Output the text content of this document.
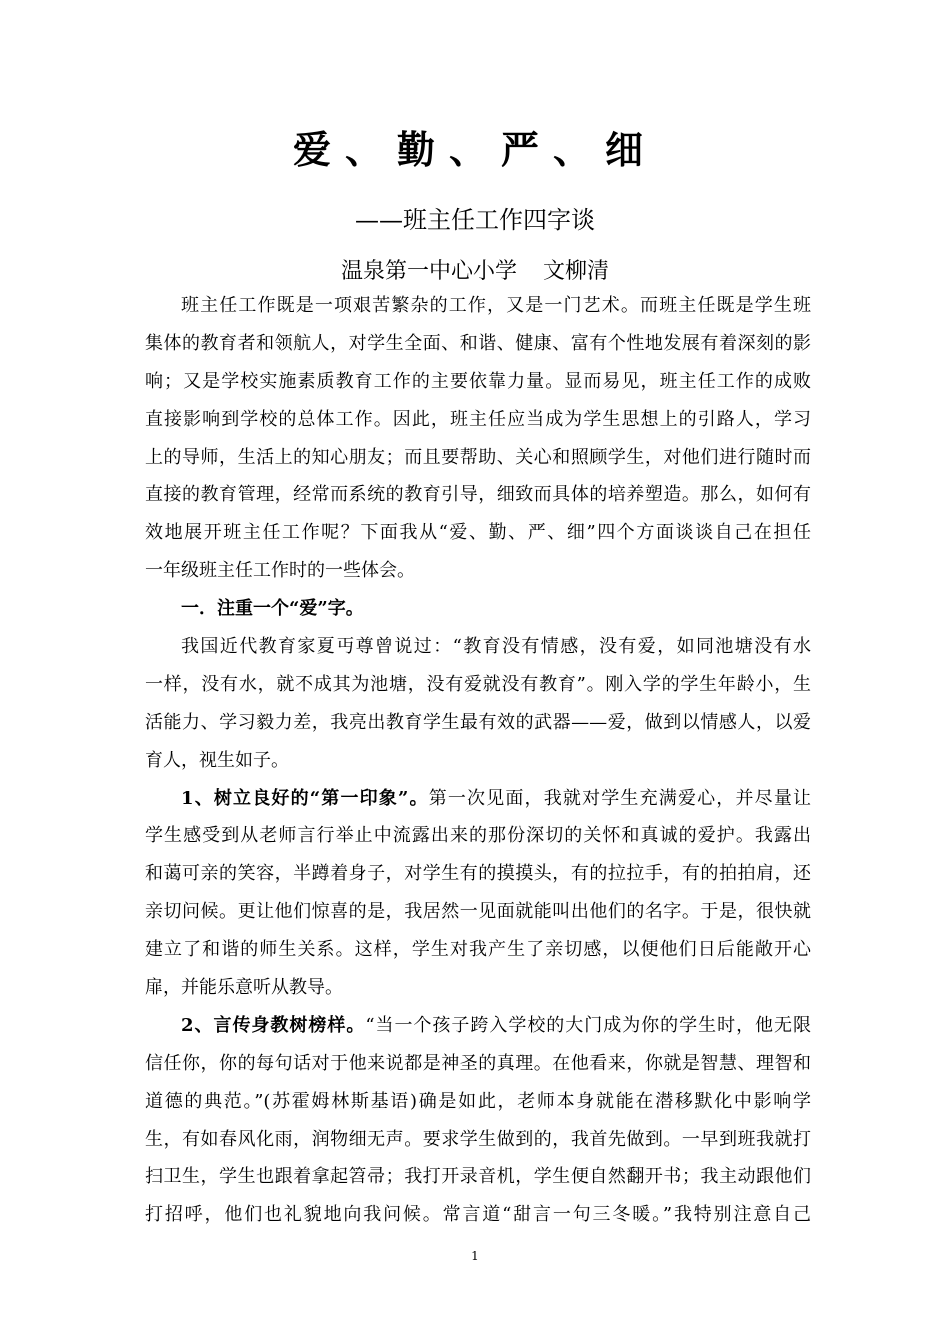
爱、勤、严、细
——班主任工作四字谈
温泉第一中心小学 文柳清
班主任工作既是一项艰苦繁杂的工作，又是一门艺术。而班主任既是学生班
集体的教育者和领航人，对学生全面、和谐、健康、富有个性地发展有着深刻的影
响；又是学校实施素质教育工作的主要依靠力量。显而易见，班主任工作的成败
直接影响到学校的总体工作。因此，班主任应当成为学生思想上的引路人，学习
上的导师，生活上的知心朋友；而且要帮助、关心和照顾学生，对他们进行随时而
直接的教育管理，经常而系统的教育引导，细致而具体的培养塑造。那么，如何有
效地展开班主任工作呢？下面我从“爱、勤、严、细”四个方面谈谈自己在担任
一年级班主任工作时的一些体会。
一．注重一个“爱”字。
我国近代教育家夏丏尊曾说过：“教育没有情感，没有爱，如同池塘没有水
一样，没有水，就不成其为池塘，没有爱就没有教育”。刚入学的学生年龄小，生
活能力、学习毅力差，我亮出教育学生最有效的武器——爱，做到以情感人，以爱
育人，视生如子。
1、树立良好的“第一印象”。第一次见面，我就对学生充满爱心，并尽量让
学生感受到从老师言行举止中流露出来的那份深切的关怀和真诚的爱护。我露出
和蔼可亲的笑容，半蹲着身子，对学生有的摸摸头，有的拉拉手，有的拍拍肩，还
亲切问候。更让他们惊喜的是，我居然一见面就能叫出他们的名字。于是，很快就
建立了和谐的师生关系。这样，学生对我产生了亲切感，以便他们日后能敞开心
扉，并能乐意听从教导。
2、言传身教树榜样。“当一个孩子跨入学校的大门成为你的学生时，他无限
信任你，你的每句话对于他来说都是神圣的真理。在他看来，你就是智慧、理智和
道德的典范。”(苏霍姆林斯基语)确是如此，老师本身就能在潜移默化中影响学
生，有如春风化雨，润物细无声。要求学生做到的，我首先做到。一早到班我就打
扫卫生，学生也跟着拿起笤帚；我打开录音机，学生便自然翻开书；我主动跟他们
打招呼，他们也礼貌地向我问候。常言道“甜言一句三冬暖。”我特别注意自己
1
